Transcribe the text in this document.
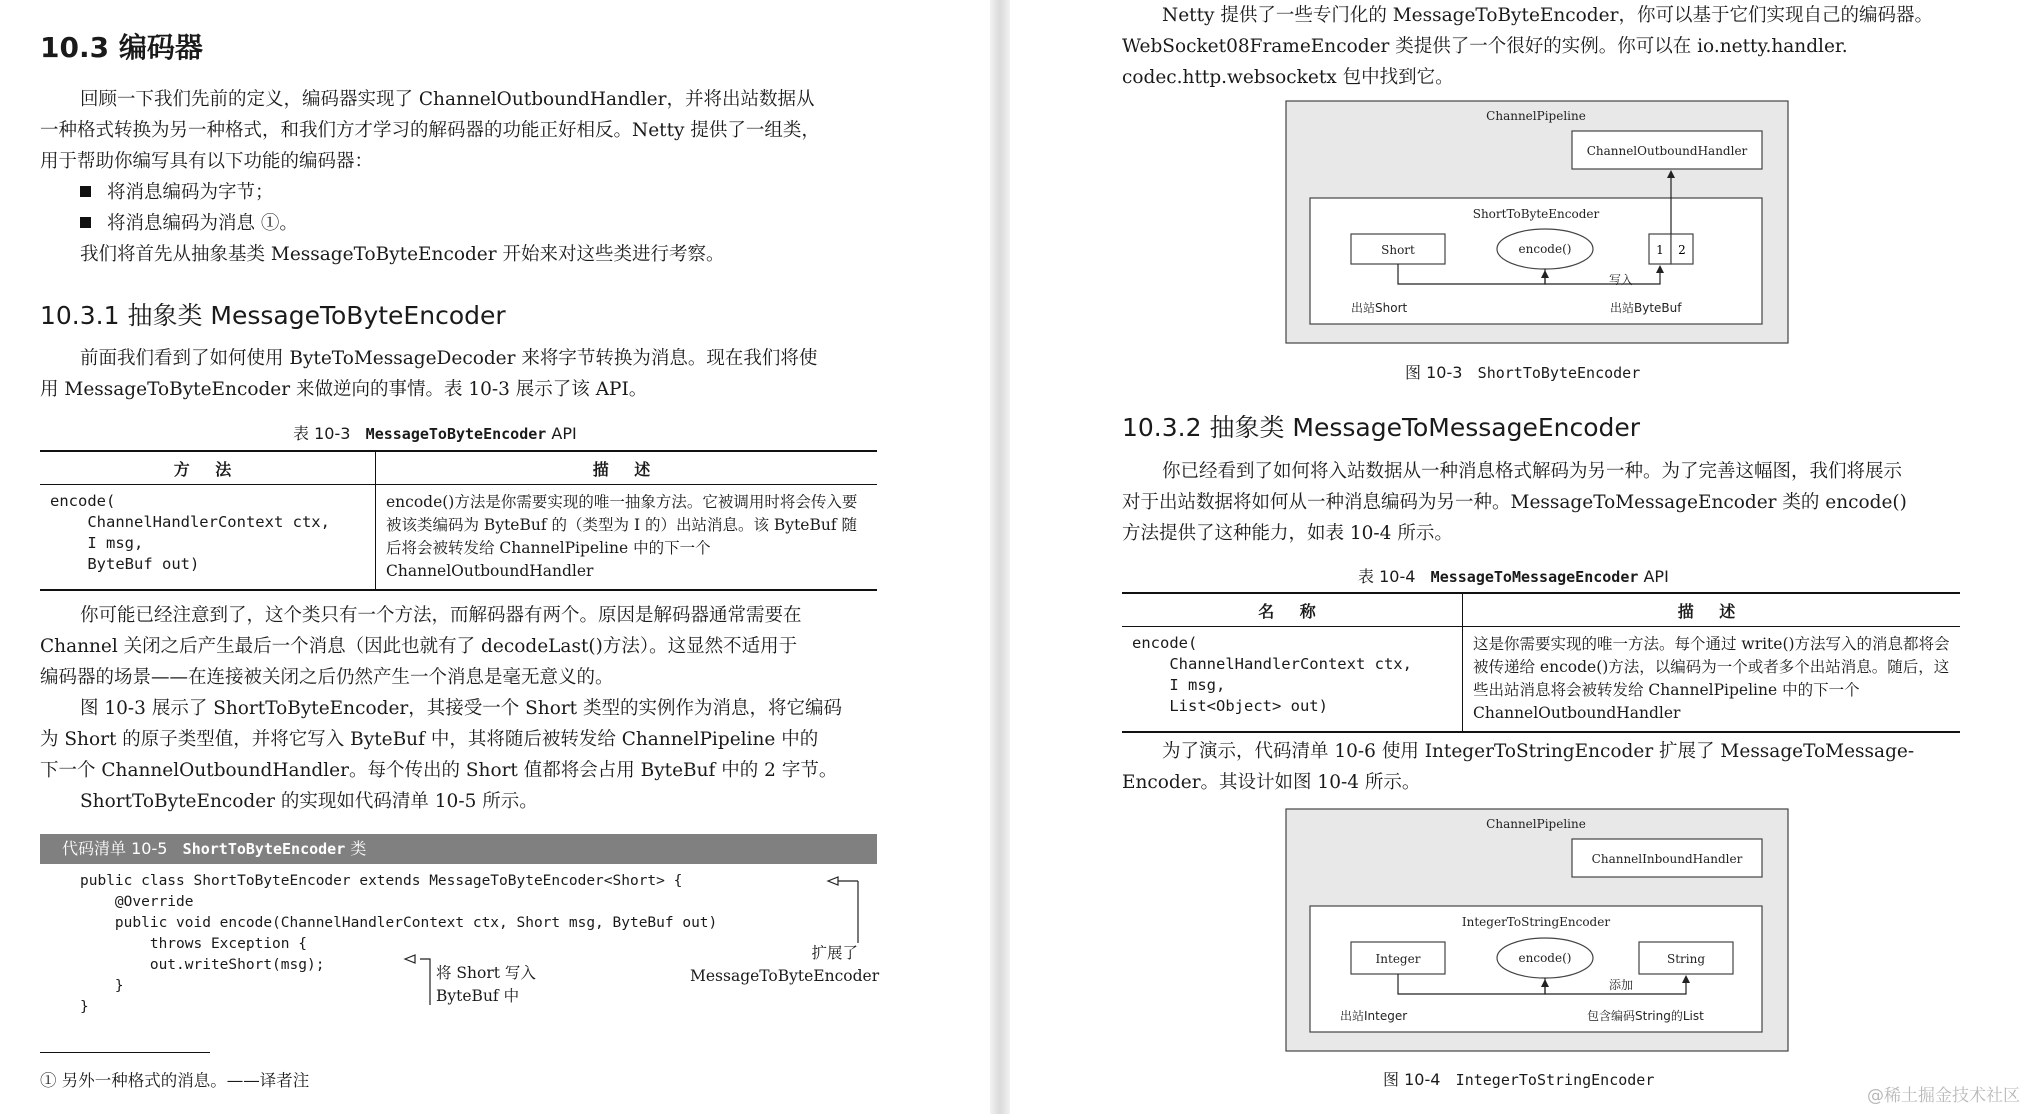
10.3 编码器
回顾一下我们先前的定义，编码器实现了 ChannelOutboundHandler，并将出站数据从
一种格式转换为另一种格式，和我们方才学习的解码器的功能正好相反。Netty 提供了一组类，
用于帮助你编写具有以下功能的编码器：
将消息编码为字节；
将消息编码为消息 ①。
我们将首先从抽象基类 MessageToByteEncoder 开始来对这些类进行考察。
10.3.1 抽象类 MessageToByteEncoder
前面我们看到了如何使用 ByteToMessageDecoder 来将字节转换为消息。现在我们将使
用 MessageToByteEncoder 来做逆向的事情。表 10-3 展示了该 API。
表 10-3 MessageToByteEncoder API
方 法	描 述
encode(
ChannelHandlerContext ctx,
I msg,
ByteBuf out)	encode()方法是你需要实现的唯一抽象方法。它被调用时将会传入要被该类编码为 ByteBuf 的（类型为 I 的）出站消息。该 ByteBuf 随后将会被转发给 ChannelPipeline 中的下一个 ChannelOutboundHandler
你可能已经注意到了，这个类只有一个方法，而解码器有两个。原因是解码器通常需要在
Channel 关闭之后产生最后一个消息（因此也就有了 decodeLast()方法）。这显然不适用于
编码器的场景——在连接被关闭之后仍然产生一个消息是毫无意义的。
图 10-3 展示了 ShortToByteEncoder，其接受一个 Short 类型的实例作为消息，将它编码
为 Short 的原子类型值，并将它写入 ByteBuf 中，其将随后被转发给 ChannelPipeline 中的
下一个 ChannelOutboundHandler。每个传出的 Short 值都将会占用 ByteBuf 中的 2 字节。
ShortToByteEncoder 的实现如代码清单 10-5 所示。
代码清单 10-5 ShortToByteEncoder 类
public class ShortToByteEncoder extends MessageToByteEncoder<Short> {
@Override
public void encode(ChannelHandlerContext ctx, Short msg, ByteBuf out)
throws Exception {
out.writeShort(msg);
}
}
将 Short 写入
ByteBuf 中
扩展了
MessageToByteEncoder
① 另外一种格式的消息。——译者注
Netty 提供了一些专门化的 MessageToByteEncoder，你可以基于它们实现自己的编码器。
WebSocket08FrameEncoder 类提供了一个很好的实例。你可以在 io.netty.handler.
codec.http.websocketx 包中找到它。
ChannelPipeline
ChannelOutboundHandler
ShortToByteEncoder
Short	encode()	1 2
写入
出站Short	出站ByteBuf
图 10-3 ShortToByteEncoder
10.3.2 抽象类 MessageToMessageEncoder
你已经看到了如何将入站数据从一种消息格式解码为另一种。为了完善这幅图，我们将展示
对于出站数据将如何从一种消息编码为另一种。MessageToMessageEncoder 类的 encode()
方法提供了这种能力，如表 10-4 所示。
表 10-4 MessageToMessageEncoder API
名 称	描 述
encode(
ChannelHandlerContext ctx,
I msg,
List<Object> out)	这是你需要实现的唯一方法。每个通过 write()方法写入的消息都将会被传递给 encode()方法，以编码为一个或者多个出站消息。随后，这些出站消息将会被转发给 ChannelPipeline 中的下一个 ChannelOutboundHandler
为了演示，代码清单 10-6 使用 IntegerToStringEncoder 扩展了 MessageToMessage-
Encoder。其设计如图 10-4 所示。
ChannelPipeline
ChannelInboundHandler
IntegerToStringEncoder
Integer	encode()	String
添加
出站Integer	包含编码String的List
图 10-4 IntegerToStringEncoder
@稀土掘金技术社区
